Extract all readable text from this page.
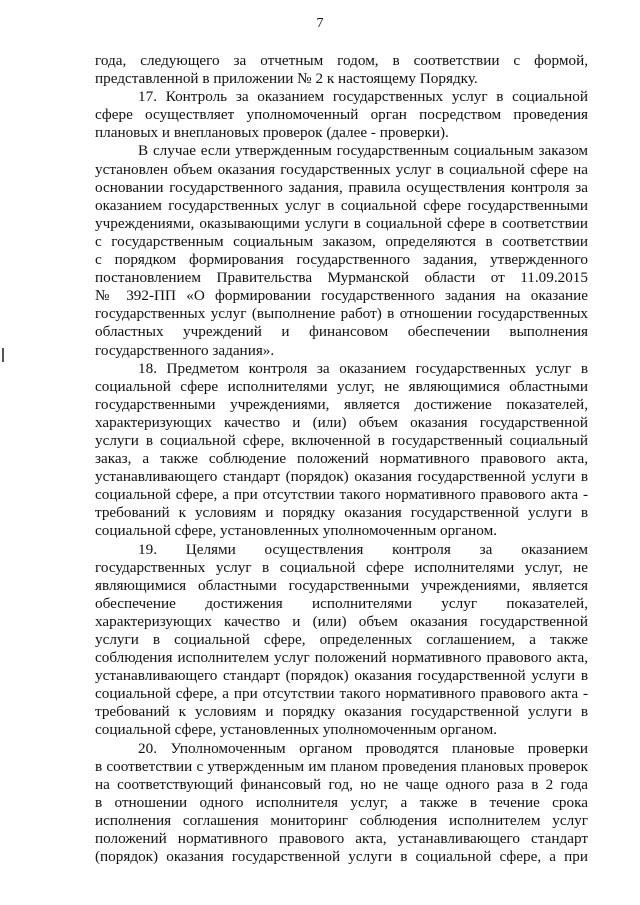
7

года, следующего за отчетным годом, в соответствии с формой,

представленной в приложении № 2 к настоящему Порядку.

17. Контроль за оказанием государственных услуг в социальной

сфере осуществляет уполномоченный орган посредством проведения

плановых и внеплановых проверок (далее - проверки).

В случае если утвержденным государственным социальным заказом

установлен объем оказания государственных услуг в социальной сфере на

основании государственного задания, правила осуществления контроля за

оказанием государственных услуг в социальной сфере государственными

учреждениями, оказывающими услуги в социальной сфере в соответствии

с государственным социальным заказом, определяются в соответствии

с порядком формирования государственного задания, утвержденного

постановлением Правительства Мурманской области от 11.09.2015

№ 392-ПП «О формировании государственного задания на оказание

государственных услуг (выполнение работ) в отношении государственных

областных учреждений и финансовом обеспечении выполнения

государственного задания».

18. Предметом контроля за оказанием государственных услуг в

социальной сфере исполнителями услуг, не являющимися областными

государственными учреждениями, является достижение показателей,

характеризующих качество и (или) объем оказания государственной

услуги в социальной сфере, включенной в государственный социальный

заказ, а также соблюдение положений нормативного правового акта,

устанавливающего стандарт (порядок) оказания государственной услуги в

социальной сфере, а при отсутствии такого нормативного правового акта -

требований к условиям и порядку оказания государственной услуги в

социальной сфере, установленных уполномоченным органом.

19. Целями осуществления контроля за оказанием

государственных услуг в социальной сфере исполнителями услуг, не

являющимися областными государственными учреждениями, является

обеспечение достижения исполнителями услуг показателей,

характеризующих качество и (или) объем оказания государственной

услуги в социальной сфере, определенных соглашением, а также

соблюдения исполнителем услуг положений нормативного правового акта,

устанавливающего стандарт (порядок) оказания государственной услуги в

социальной сфере, а при отсутствии такого нормативного правового акта -

требований к условиям и порядку оказания государственной услуги в

социальной сфере, установленных уполномоченным органом.

20. Уполномоченным органом проводятся плановые проверки

в соответствии с утвержденным им планом проведения плановых проверок

на соответствующий финансовый год, но не чаще одного раза в 2 года

в отношении одного исполнителя услуг, а также в течение срока

исполнения соглашения мониторинг соблюдения исполнителем услуг

положений нормативного правового акта, устанавливающего стандарт

(порядок) оказания государственной услуги в социальной сфере, а при
